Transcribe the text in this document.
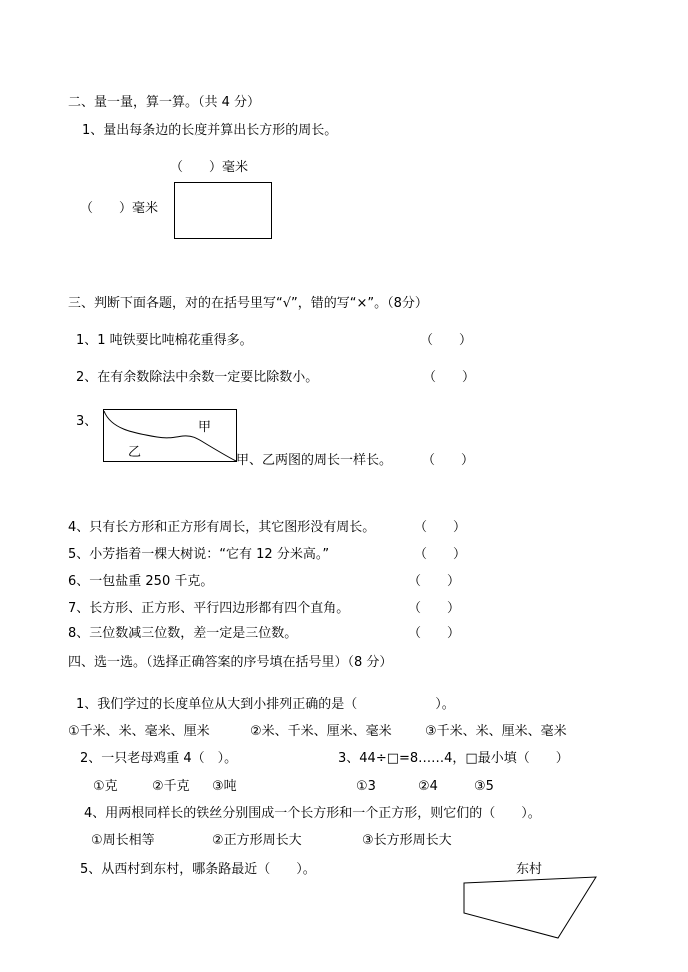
二、量一量，算一算。（共 4 分）
1、量出每条边的长度并算出长方形的周长。
（　　）毫米
（　　）毫米
三、判断下面各题，对的在括号里写“√”，错的写“×”。（8分）
1、1 吨铁要比吨棉花重得多。	（　　）
2、在有余数除法中余数一定要比除数小。	（　　）
3、	甲
乙
甲、乙两图的周长一样长。 （　　）
4、只有长方形和正方形有周长，其它图形没有周长。	（　　）
5、小芳指着一棵大树说：“它有 12 分米高。”	（　　）
6、一包盐重 250 千克。	（　　）
7、长方形、正方形、平行四边形都有四个直角。	（　　）
8、三位数减三位数，差一定是三位数。	（　　）
四、选一选。（选择正确答案的序号填在括号里）（8 分）
1、我们学过的长度单位从大到小排列正确的是（　　　　　　）。
①千米、米、毫米、厘米	②米、千米、厘米、毫米	③千米、米、厘米、毫米
2、一只老母鸡重 4（　）。	3、44÷□=8……4，□最小填（　　）
①克	②千克 ③吨	①3	②4	③5
4、用两根同样长的铁丝分别围成一个长方形和一个正方形，则它们的（　　）。
①周长相等	②正方形周长大	③长方形周长大
5、从西村到东村，哪条路最近（　　）。	东村
